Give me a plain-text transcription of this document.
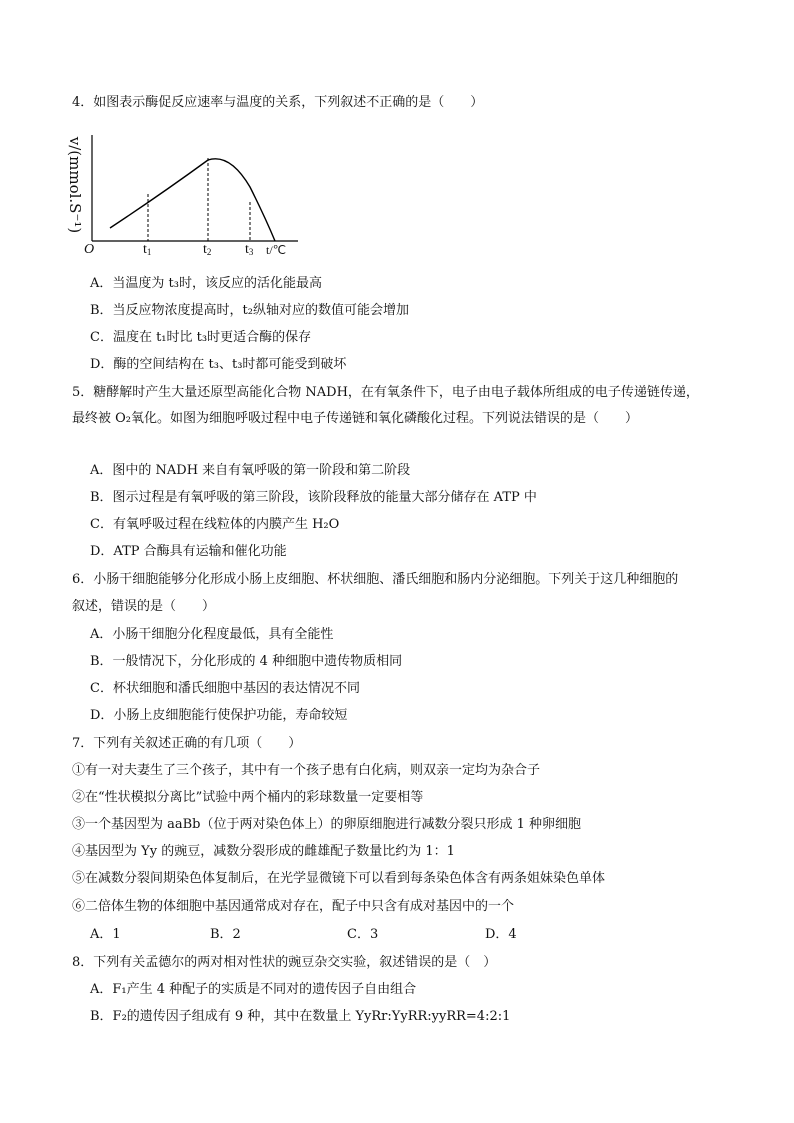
4．如图表示酶促反应速率与温度的关系，下列叙述不正确的是（　　）
v/(mmol.S⁻¹)
O	$t_1$	$t_2$ $t_3$ t/℃
A．当温度为 t₃时，该反应的活化能最高
B．当反应物浓度提高时，t₂纵轴对应的数值可能会增加
C．温度在 t₁时比 t₃时更适合酶的保存
D．酶的空间结构在 t₃、t₃时都可能受到破坏
5．糖酵解时产生大量还原型高能化合物 NADH，在有氧条件下，电子由电子载体所组成的电子传递链传递，
最终被 O₂氧化。如图为细胞呼吸过程中电子传递链和氧化磷酸化过程。下列说法错误的是（　　）
A．图中的 NADH 来自有氧呼吸的第一阶段和第二阶段
B．图示过程是有氧呼吸的第三阶段，该阶段释放的能量大部分储存在 ATP 中
C．有氧呼吸过程在线粒体的内膜产生 H₂O
D．ATP 合酶具有运输和催化功能
6．小肠干细胞能够分化形成小肠上皮细胞、杯状细胞、潘氏细胞和肠内分泌细胞。下列关于这几种细胞的
叙述，错误的是（　　）
A．小肠干细胞分化程度最低，具有全能性
B．一般情况下，分化形成的 4 种细胞中遗传物质相同
C．杯状细胞和潘氏细胞中基因的表达情况不同
D．小肠上皮细胞能行使保护功能，寿命较短
7．下列有关叙述正确的有几项（　　）
①有一对夫妻生了三个孩子，其中有一个孩子患有白化病，则双亲一定均为杂合子
②在“性状模拟分离比”试验中两个桶内的彩球数量一定要相等
③一个基因型为 aaBb（位于两对染色体上）的卵原细胞进行减数分裂只形成 1 种卵细胞
④基因型为 Yy 的豌豆，减数分裂形成的雌雄配子数量比约为 1：1
⑤在减数分裂间期染色体复制后，在光学显微镜下可以看到每条染色体含有两条姐妹染色单体
⑥二倍体生物的体细胞中基因通常成对存在，配子中只含有成对基因中的一个
A．1	B．2	C．3	D．4
8．下列有关孟德尔的两对相对性状的豌豆杂交实验，叙述错误的是（　）
A．F₁产生 4 种配子的实质是不同对的遗传因子自由组合
B．F₂的遗传因子组成有 9 种，其中在数量上 YyRr:YyRR:yyRR=4:2:1
